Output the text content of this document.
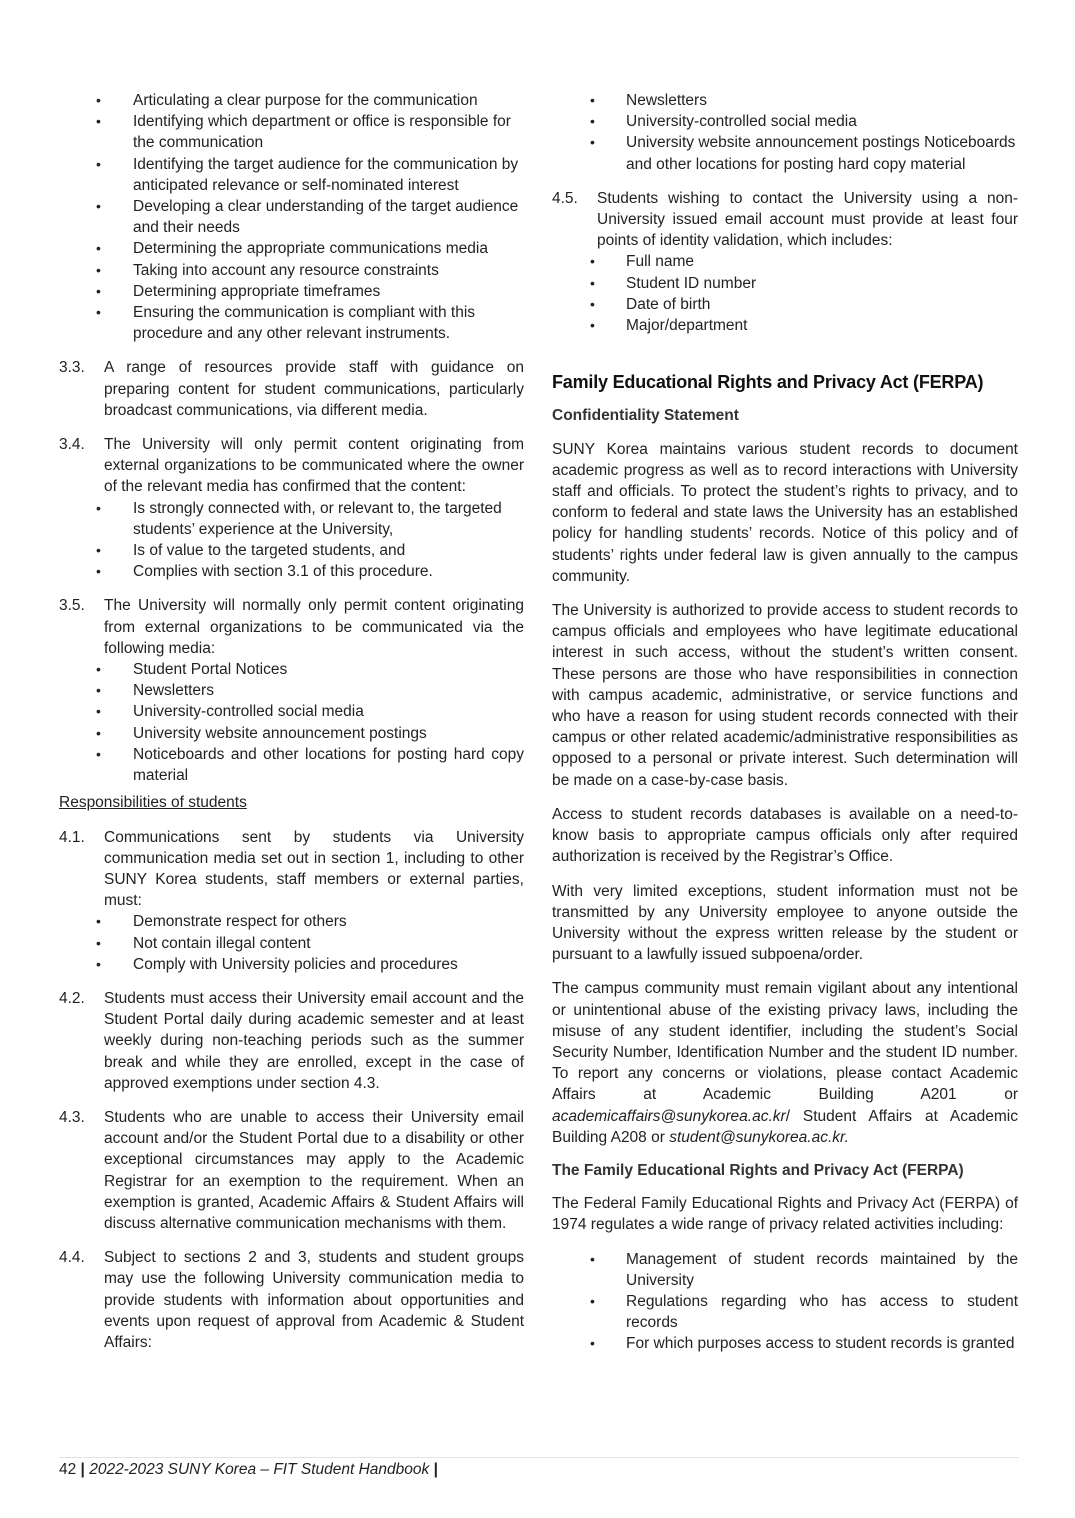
• Articulating a clear purpose for the communication
• Identifying which department or office is responsible for the communication
• Identifying the target audience for the communication by anticipated relevance or self-nominated interest
• Developing a clear understanding of the target audience and their needs
• Determining the appropriate communications media
• Taking into account any resource constraints
• Determining appropriate timeframes
• Ensuring the communication is compliant with this procedure and any other relevant instruments.
3.3. A range of resources provide staff with guidance on preparing content for student communications, particularly broadcast communications, via different media.
3.4. The University will only permit content originating from external organizations to be communicated where the owner of the relevant media has confirmed that the content:
• Is strongly connected with, or relevant to, the targeted students’ experience at the University,
• Is of value to the targeted students, and
• Complies with section 3.1 of this procedure.
3.5. The University will normally only permit content originating from external organizations to be communicated via the following media:
• Student Portal Notices
• Newsletters
• University-controlled social media
• University website announcement postings
• Noticeboards and other locations for posting hard copy material
Responsibilities of students
4.1. Communications sent by students via University communication media set out in section 1, including to other SUNY Korea students, staff members or external parties, must:
• Demonstrate respect for others
• Not contain illegal content
• Comply with University policies and procedures
4.2. Students must access their University email account and the Student Portal daily during academic semester and at least weekly during non-teaching periods such as the summer break and while they are enrolled, except in the case of approved exemptions under section 4.3.
4.3. Students who are unable to access their University email account and/or the Student Portal due to a disability or other exceptional circumstances may apply to the Academic Registrar for an exemption to the requirement. When an exemption is granted, Academic Affairs & Student Affairs will discuss alternative communication mechanisms with them.
4.4. Subject to sections 2 and 3, students and student groups may use the following University communication media to provide students with information about opportunities and events upon request of approval from Academic & Student Affairs:
• Newsletters
• University-controlled social media
• University website announcement postings Noticeboards and other locations for posting hard copy material
4.5. Students wishing to contact the University using a non-University issued email account must provide at least four points of identity validation, which includes:
• Full name
• Student ID number
• Date of birth
• Major/department
Family Educational Rights and Privacy Act (FERPA)
Confidentiality Statement

SUNY Korea maintains various student records to document academic progress as well as to record interactions with University staff and officials. To protect the student’s rights to privacy, and to conform to federal and state laws the University has an established policy for handling students’ records. Notice of this policy and of students’ rights under federal law is given annually to the campus community.

The University is authorized to provide access to student records to campus officials and employees who have legitimate educational interest in such access, without the student’s written consent. These persons are those who have responsibilities in connection with campus academic, administrative, or service functions and who have a reason for using student records connected with their campus or other related academic/administrative responsibilities as opposed to a personal or private interest. Such determination will be made on a case-by-case basis.

Access to student records databases is available on a need-to-know basis to appropriate campus officials only after required authorization is received by the Registrar’s Office.

With very limited exceptions, student information must not be transmitted by any University employee to anyone outside the University without the express written release by the student or pursuant to a lawfully issued subpoena/order.

The campus community must remain vigilant about any intentional or unintentional abuse of the existing privacy laws, including the misuse of any student identifier, including the student’s Social Security Number, Identification Number and the student ID number. To report any concerns or violations, please contact Academic Affairs at Academic Building A201 or academicaffairs@sunykorea.ac.kr/ Student Affairs at Academic Building A208 or student@sunykorea.ac.kr.

The Family Educational Rights and Privacy Act (FERPA)

The Federal Family Educational Rights and Privacy Act (FERPA) of 1974 regulates a wide range of privacy related activities including:

• Management of student records maintained by the University
• Regulations regarding who has access to student records
• For which purposes access to student records is granted
42 | 2022-2023 SUNY Korea – FIT Student Handbook |
